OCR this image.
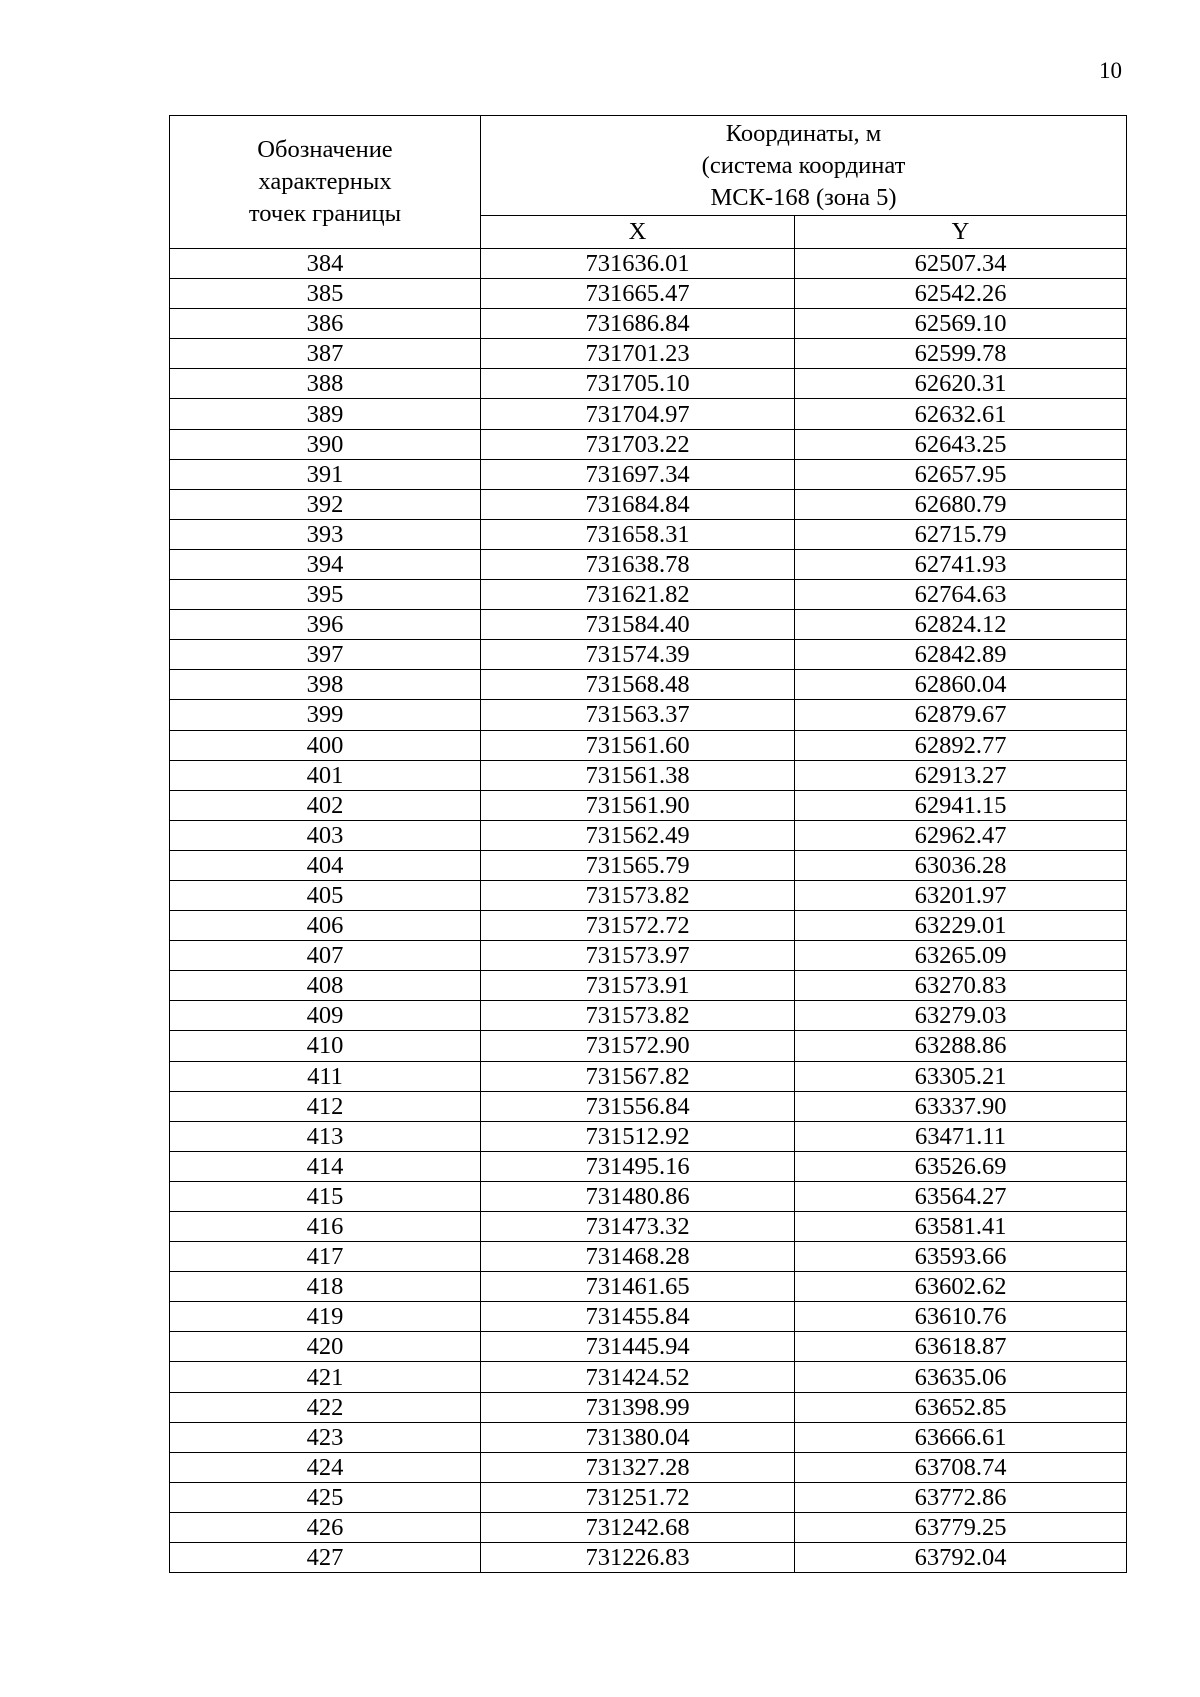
10
Обозначение
характерных
точек границы	Координаты, м
(система координат
МСК-168 (зона 5)	

	X	Y
384	731636.01	62507.34
385	731665.47	62542.26
386	731686.84	62569.10
387	731701.23	62599.78
388	731705.10	62620.31
389	731704.97	62632.61
390	731703.22	62643.25
391	731697.34	62657.95
392	731684.84	62680.79
393	731658.31	62715.79
394	731638.78	62741.93
395	731621.82	62764.63
396	731584.40	62824.12
397	731574.39	62842.89
398	731568.48	62860.04
399	731563.37	62879.67
400	731561.60	62892.77
401	731561.38	62913.27
402	731561.90	62941.15
403	731562.49	62962.47
404	731565.79	63036.28
405	731573.82	63201.97
406	731572.72	63229.01
407	731573.97	63265.09
408	731573.91	63270.83
409	731573.82	63279.03
410	731572.90	63288.86
411	731567.82	63305.21
412	731556.84	63337.90
413	731512.92	63471.11
414	731495.16	63526.69
415	731480.86	63564.27
416	731473.32	63581.41
417	731468.28	63593.66
418	731461.65	63602.62
419	731455.84	63610.76
420	731445.94	63618.87
421	731424.52	63635.06
422	731398.99	63652.85
423	731380.04	63666.61
424	731327.28	63708.74
425	731251.72	63772.86
426	731242.68	63779.25
427	731226.83	63792.04
